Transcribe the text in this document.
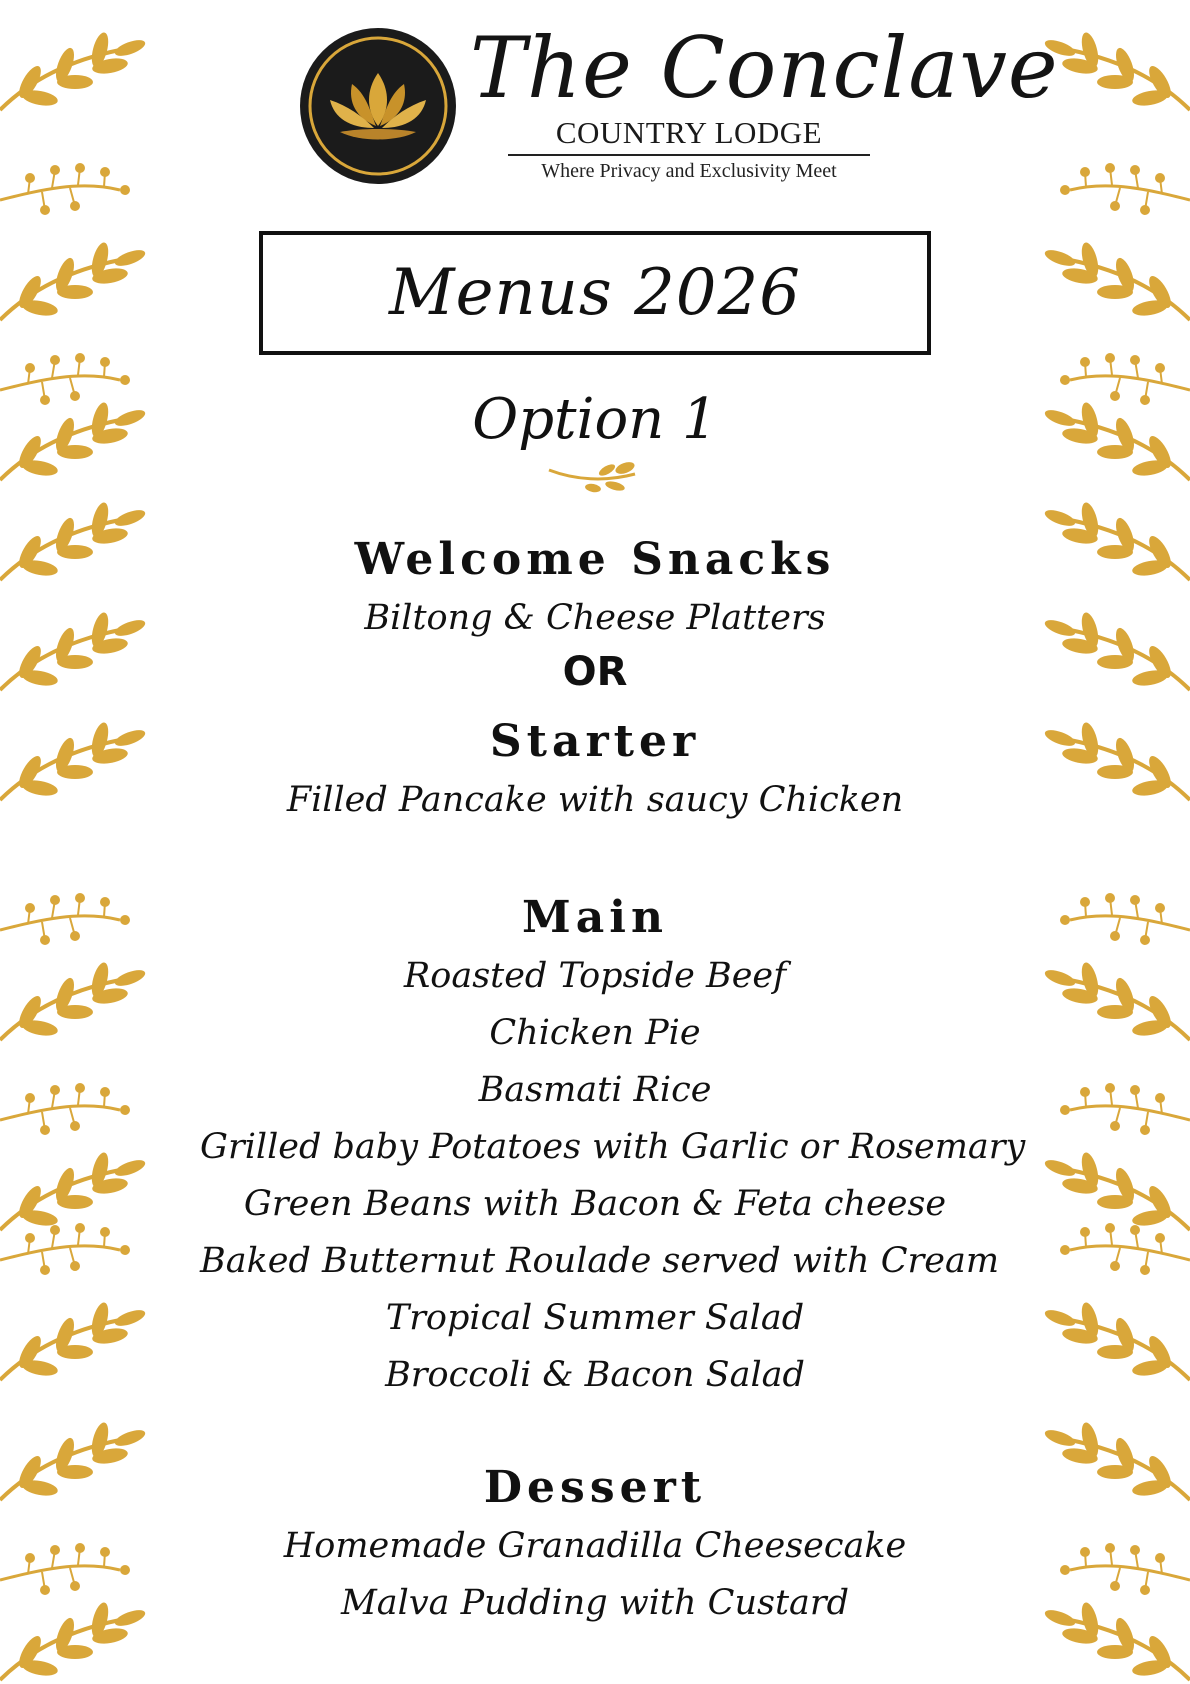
The Conclave
COUNTRY LODGE
Where Privacy and Exclusivity Meet
Menus 2026
Option 1

Welcome Snacks

Biltong & Cheese Platters

OR

Starter

Filled Pancake with saucy Chicken

Main

Roasted Topside Beef

Chicken Pie

Basmati Rice

Grilled baby Potatoes with Garlic or Rosemary

Green Beans with Bacon & Feta cheese

Baked Butternut Roulade served with Cream

Tropical Summer Salad

Broccoli & Bacon Salad

Dessert

Homemade Granadilla Cheesecake

Malva Pudding with Custard
